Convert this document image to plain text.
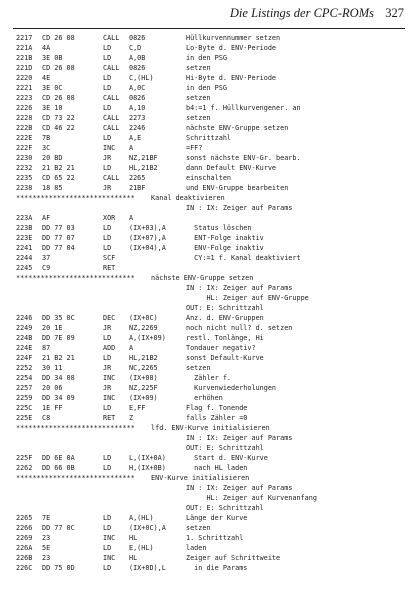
Die Listings der CPC-ROMs 327
2217 CD 26 08	CALL 0826	Hüllkurvennummer setzen
221A 4A	LD	C,D	Lo-Byte d. ENV-Periode
221B 3E 0B	LD	A,0B	in den PSG
221D CD 26 08	CALL 0826	setzen
2220 4E	LD	C,(HL)	Hi-Byte d. ENV-Periode
2221 3E 0C	LD	A,0C	in den PSG
2223 CD 26 08	CALL 0826	setzen
2226 3E 10	LD	A,10	b4:=1 f. Hüllkurvengener. an
2228 CD 73 22	CALL 2273	setzen
222B CD 46 22	CALL 2246	nächste ENV-Gruppe setzen
222E 7B	LD	A,E	Schrittzahl
222F 3C	INC A	=FF?
2230 20 BD	JR	NZ,21BF	sonst nächste ENV-Gr. bearb.
2232 21 B2 21	LD	HL,21B2	dann Default ENV-Kurve
2235 CD 65 22	CALL 2265	einschalten
2238 18 85	JR	21BF	und ENV-Gruppe bearbeiten
*****************************    Kanal deaktivieren
IN : IX: Zeiger auf Params
223A AF	XOR A
223B DD 77 03	LD	(IX+03),A	Status löschen
223E DD 77 07	LD	(IX+07),A	ENT-Folge inaktiv
2241 DD 77 04	LD	(IX+04),A	ENV-Folge inaktiv
2244 37	SCF	CY:=1 f. Kanal deaktiviert
2245 C9	RET
*****************************    nächste ENV-Gruppe setzen
IN : IX: Zeiger auf Params
HL: Zeiger auf ENV-Gruppe
OUT: E: Schrittzahl
2246 DD 35 0C	DEC (IX+0C)	Anz. d. ENV-Gruppen
2249 20 1E	JR	NZ,2269	noch nicht null? d. setzen
224B DD 7E 09	LD	A,(IX+09)	restl. Tonlänge, Hi
224E 87	ADD A	Tondauer negativ?
224F 21 B2 21	LD	HL,21B2	sonst Default-Kurve
2252 30 11	JR	NC,2265	setzen
2254 DD 34 08	INC (IX+08)	Zähler f.
2257 20 06	JR	NZ,225F	Kurvenwiederholungen
2259 DD 34 09	INC (IX+09)	erhöhen
225C 1E FF	LD	E,FF	Flag f. Tonende
225E C8	RET Z	falls Zähler =0
*****************************    lfd. ENV-Kurve initialisieren
IN : IX: Zeiger auf Params
OUT: E: Schrittzahl
225F DD 6E 0A	LD	L,(IX+0A)	Start d. ENV-Kurve
2262 DD 66 0B	LD	H,(IX+0B)	nach HL laden
*****************************    ENV-Kurve initialisieren
IN : IX: Zeiger auf Params
HL: Zeiger auf Kurvenanfang
OUT: E: Schrittzahl
2265 7E	LD	A,(HL)	Länge der Kurve
2266 DD 77 0C	LD	(IX+0C),A	setzen
2269 23	INC HL	1. Schrittzahl
226A 5E	LD	E,(HL)	laden
226B 23	INC HL	Zeiger auf Schrittweite
226C DD 75 0D	LD	(IX+0D),L	in die Params
